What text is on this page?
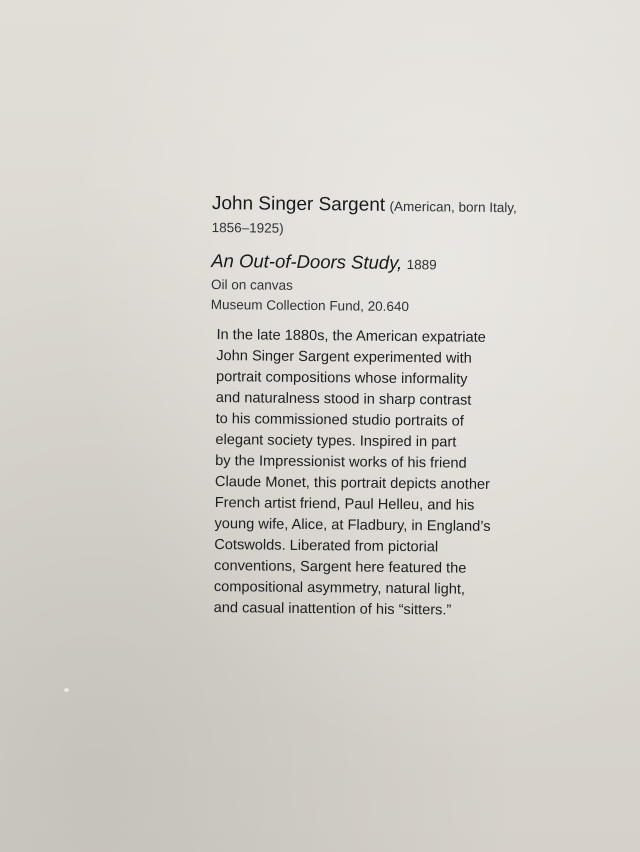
John Singer Sargent (American, born Italy,
1856–1925)

An Out-of-Doors Study, 1889

Oil on canvas

Museum Collection Fund, 20.640

In the late 1880s, the American expatriate
John Singer Sargent experimented with
portrait compositions whose informality
and naturalness stood in sharp contrast
to his commissioned studio portraits of
elegant society types. Inspired in part
by the Impressionist works of his friend
Claude Monet, this portrait depicts another
French artist friend, Paul Helleu, and his
young wife, Alice, at Fladbury, in England’s
Cotswolds. Liberated from pictorial
conventions, Sargent here featured the
compositional asymmetry, natural light,
and casual inattention of his “sitters.”
